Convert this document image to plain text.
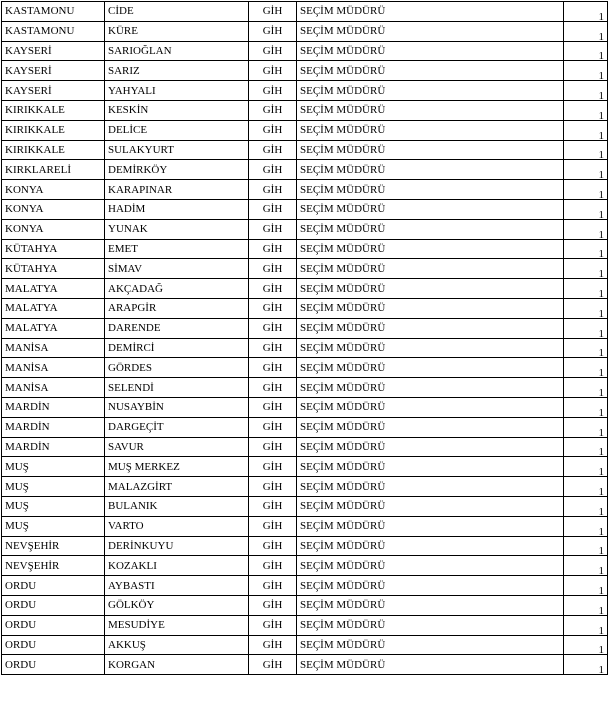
KASTAMONU	CİDE	GİH	SEÇİM MÜDÜRÜ	1
KASTAMONU	KÜRE	GİH	SEÇİM MÜDÜRÜ	1
KAYSERİ	SARIOĞLAN	GİH	SEÇİM MÜDÜRÜ	1
KAYSERİ	SARIZ	GİH	SEÇİM MÜDÜRÜ	1
KAYSERİ	YAHYALI	GİH	SEÇİM MÜDÜRÜ	1
KIRIKKALE	KESKİN	GİH	SEÇİM MÜDÜRÜ	1
KIRIKKALE	DELİCE	GİH	SEÇİM MÜDÜRÜ	1
KIRIKKALE	SULAKYURT	GİH	SEÇİM MÜDÜRÜ	1
KIRKLARELİ	DEMİRKÖY	GİH	SEÇİM MÜDÜRÜ	1
KONYA	KARAPINAR	GİH	SEÇİM MÜDÜRÜ	1
KONYA	HADİM	GİH	SEÇİM MÜDÜRÜ	1
KONYA	YUNAK	GİH	SEÇİM MÜDÜRÜ	1
KÜTAHYA	EMET	GİH	SEÇİM MÜDÜRÜ	1
KÜTAHYA	SİMAV	GİH	SEÇİM MÜDÜRÜ	1
MALATYA	AKÇADAĞ	GİH	SEÇİM MÜDÜRÜ	1
MALATYA	ARAPGİR	GİH	SEÇİM MÜDÜRÜ	1
MALATYA	DARENDE	GİH	SEÇİM MÜDÜRÜ	1
MANİSA	DEMİRCİ	GİH	SEÇİM MÜDÜRÜ	1
MANİSA	GÖRDES	GİH	SEÇİM MÜDÜRÜ	1
MANİSA	SELENDİ	GİH	SEÇİM MÜDÜRÜ	1
MARDİN	NUSAYBİN	GİH	SEÇİM MÜDÜRÜ	1
MARDİN	DARGEÇİT	GİH	SEÇİM MÜDÜRÜ	1
MARDİN	SAVUR	GİH	SEÇİM MÜDÜRÜ	1
MUŞ	MUŞ MERKEZ	GİH	SEÇİM MÜDÜRÜ	1
MUŞ	MALAZGİRT	GİH	SEÇİM MÜDÜRÜ	1
MUŞ	BULANIK	GİH	SEÇİM MÜDÜRÜ	1
MUŞ	VARTO	GİH	SEÇİM MÜDÜRÜ	1
NEVŞEHİR	DERİNKUYU	GİH	SEÇİM MÜDÜRÜ	1
NEVŞEHİR	KOZAKLI	GİH	SEÇİM MÜDÜRÜ	1
ORDU	AYBASTI	GİH	SEÇİM MÜDÜRÜ	1
ORDU	GÖLKÖY	GİH	SEÇİM MÜDÜRÜ	1
ORDU	MESUDİYE	GİH	SEÇİM MÜDÜRÜ	1
ORDU	AKKUŞ	GİH	SEÇİM MÜDÜRÜ	1
ORDU	KORGAN	GİH	SEÇİM MÜDÜRÜ	1
